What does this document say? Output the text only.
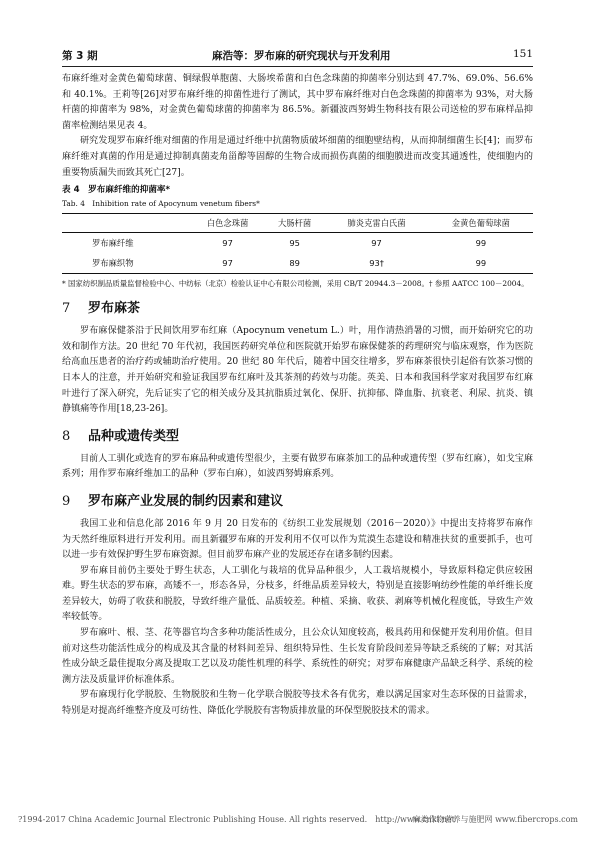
第 3 期	麻浩等：罗布麻的研究现状与开发利用	151

布麻纤维对金黄色葡萄球菌、铜绿假单胞菌、大肠埃希菌和白色念珠菌的抑菌率分别达到 47.7%、69.0%、56.6% 和 40.1%。王莉等[26]对罗布麻纤维的抑菌性进行了测试，其中罗布麻纤维对白色念珠菌的抑菌率为 93%，对大肠杆菌的抑菌率为 98%，对金黄色葡萄球菌的抑菌率为 86.5%。新疆波西努姆生物科技有限公司送检的罗布麻样品抑菌率检测结果见表 4。

研究发现罗布麻纤维对细菌的作用是通过纤维中抗菌物质破坏细菌的细胞壁结构，从而抑制细菌生长[4]；而罗布麻纤维对真菌的作用是通过抑制真菌麦角甾醇等固醇的生物合成而损伤真菌的细胞膜进而改变其通透性，使细胞内的重要物质漏失而致其死亡[27]。

表 4　罗布麻纤维的抑菌率*
Tab. 4　Inhibition rate of Apocynum venetum fibers*
	白色念珠菌	大肠杆菌	肺炎克雷白氏菌	金黄色葡萄球菌
罗布麻纤维	97	95	97	99
罗布麻织物	97	89	93†	99
* 国家纺织制品质量监督检验中心、中纺标（北京）检验认证中心有限公司检测，采用 CB/T 20944.3－2008。† 参照 AATCC 100－2004。
7 罗布麻茶

罗布麻保健茶沿于民间饮用罗布红麻（Apocynum venetum L.）叶，用作清热消暑的习惯，而开始研究它的功效和制作方法。20 世纪 70 年代初，我国医药研究单位和医院就开始罗布麻保健茶的药理研究与临床观察，作为医院给高血压患者的治疗药或辅助治疗使用。20 世纪 80 年代后，随着中国交往增多，罗布麻茶很快引起俗有饮茶习惯的日本人的注意，并开始研究和验证我国罗布红麻叶及其茶剂的药效与功能。英美、日本和我国科学家对我国罗布红麻叶进行了深入研究，先后证实了它的相关成分及其抗脂质过氧化、保肝、抗抑郁、降血脂、抗衰老、利尿、抗炎、镇静镇痛等作用[18,23-26]。

8 品种或遗传类型

目前人工驯化或选育的罗布麻品种或遗传型很少，主要有做罗布麻茶加工的品种或遗传型（罗布红麻），如戈宝麻系列；用作罗布麻纤维加工的品种（罗布白麻），如波西努姆麻系列。

9 罗布麻产业发展的制约因素和建议

我国工业和信息化部 2016 年 9 月 20 日发布的《纺织工业发展规划（2016－2020）》中提出支持将罗布麻作为天然纤维原料进行开发利用。而且新疆罗布麻的开发利用不仅可以作为荒漠生态建设和精准扶贫的重要抓手，也可以进一步有效保护野生罗布麻资源。但目前罗布麻产业的发展还存在诸多制约因素。

罗布麻目前仍主要处于野生状态，人工驯化与栽培的优异品种很少，人工栽培规模小，导致原料稳定供应较困难。野生状态的罗布麻，高矮不一，形态各异，分枝多，纤维品质差异较大，特别是直接影响纺纱性能的单纤维长度差异较大，妨碍了收获和脱胶，导致纤维产量低、品质较差。种植、采摘、收获、剥麻等机械化程度低，导致生产效率较低等。

罗布麻叶、根、茎、花等器官均含多种功能活性成分，且公众认知度较高，极具药用和保健开发利用价值。但目前对这些功能活性成分的构成及其含量的材料间差异、组织特异性、生长发育阶段间差异等缺乏系统的了解；对其活性成分缺乏最佳提取分离及提取工艺以及功能性机理的科学、系统性的研究；对罗布麻健康产品缺乏科学、系统的检测方法及质量评价标准体系。

罗布麻现行化学脱胶、生物脱胶和生物－化学联合脱胶等技术各有优劣，难以满足国家对生态环保的日益需求，特别是对提高纤维整齐度及可纺性、降低化学脱胶有害物质排放量的环保型脱胶技术的需求。

?1994-2017 China Academic Journal Electronic Publishing House. All rights reserved.　http://www.cnki.net
麻类作物营养与施肥网 www.fibercrops.com
